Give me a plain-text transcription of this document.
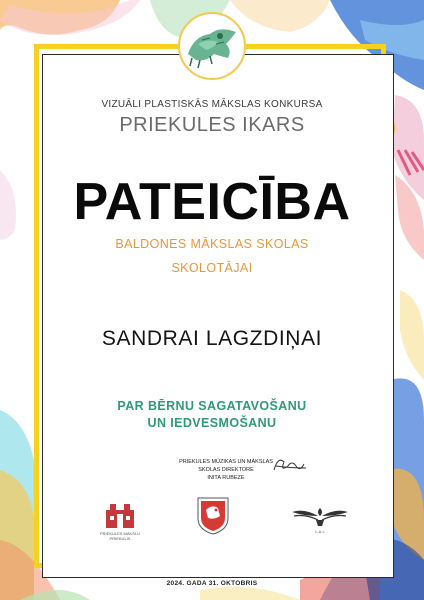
VIZUĀLI PLASTISKĀS MĀKSLAS KONKURSA
PRIEKULES IKARS
PATEICĪBA
BALDONES MĀKSLAS SKOLAS
SKOLOTĀJAI
SANDRAI LAGZDIŅAI
PAR BĒRNU SAGATAVOŠANU
UN IEDVESMOŠANU
PRIEKULES MŪZIKAS UN MĀKSLAS
SKOLAS DIREKTORE
INITA RUBEZE
PRIEKULES MĀKSLU PRIEKULIS
L.A.I.
2024. GADA 31. OKTOBRIS
